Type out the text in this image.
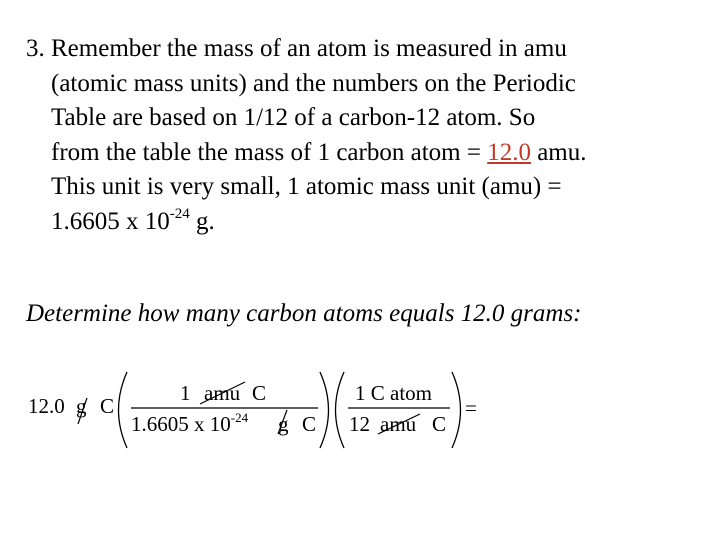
3. Remember the mass of an atom is measured in amu
(atomic mass units) and the numbers on the Periodic
Table are based on 1/12 of a carbon-12 atom. So
from the table the mass of 1 carbon atom = 12.0 amu.
This unit is very small, 1 atomic mass unit (amu) =
1.6605 x $10^{-24}$ g.
Determine how many carbon atoms equals 12.0 grams:
12.0 g C
1 amu C
1.6605 x $10^{-24}$ g C
1 C atom
12 amu C
=
